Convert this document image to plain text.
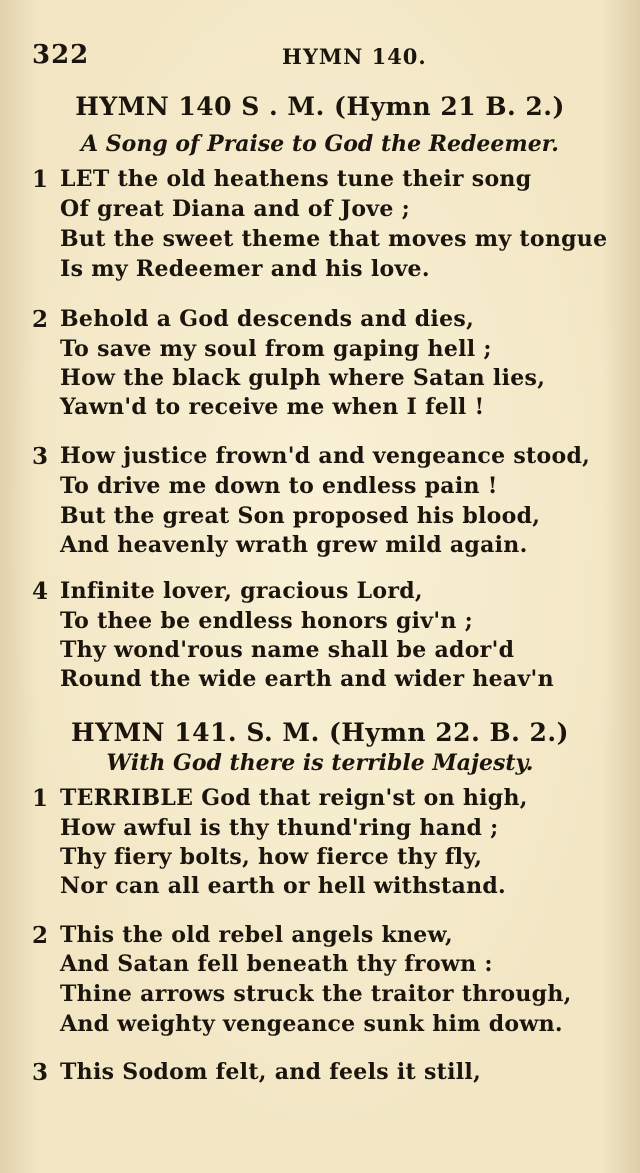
322	HYMN 140.
HYMN 140 S . M. (Hymn 21 B. 2.)
A Song of Praise to God the Redeemer.
1 LET the old heathens tune their song
Of great Diana and of Jove ;
But the sweet theme that moves my tongue
Is my Redeemer and his love.
2 Behold a God descends and dies,
To save my soul from gaping hell ;
How the black gulph where Satan lies,
Yawn'd to receive me when I fell !
3 How justice frown'd and vengeance stood,
To drive me down to endless pain !
But the great Son proposed his blood,
And heavenly wrath grew mild again.
4 Infinite lover, gracious Lord,
To thee be endless honors giv'n ;
Thy wond'rous name shall be ador'd
Round the wide earth and wider heav'n
HYMN 141. S. M. (Hymn 22. B. 2.)
With God there is terrible Majesty.
1 TERRIBLE God that reign'st on high,
How awful is thy thund'ring hand ;
Thy fiery bolts, how fierce thy fly,
Nor can all earth or hell withstand.
2 This the old rebel angels knew,
And Satan fell beneath thy frown :
Thine arrows struck the traitor through,
And weighty vengeance sunk him down.
3 This Sodom felt, and feels it still,
